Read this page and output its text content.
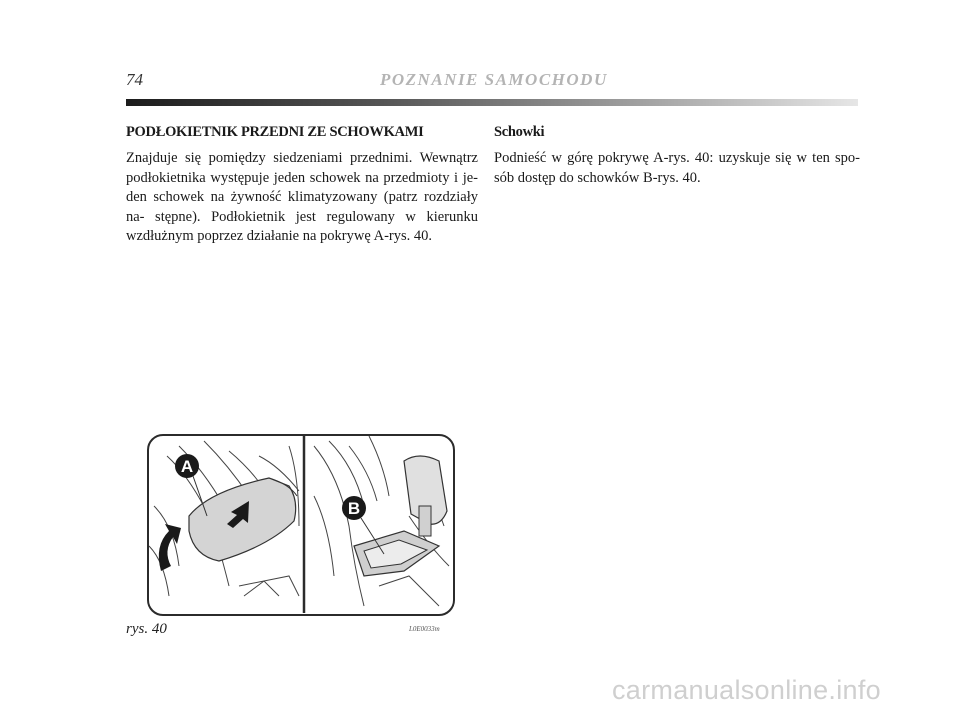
74	POZNANIE SAMOCHODU

PODŁOKIETNIK PRZEDNI ZE SCHOWKAMI

Znajduje się pomiędzy siedzeniami przednimi. Wewnątrz podłokietnika występuje jeden schowek na przedmioty i je- den schowek na żywność klimatyzowany (patrz rozdziały na- stępne). Podłokietnik jest regulowany w kierunku wzdłużnym poprzez działanie na pokrywę A-rys. 40.

Schowki

Podnieść w górę pokrywę A-rys. 40: uzyskuje się w ten spo- sób dostęp do schowków B-rys. 40.

A
B
rys. 40	L0E0033m
carmanualsonline.info
